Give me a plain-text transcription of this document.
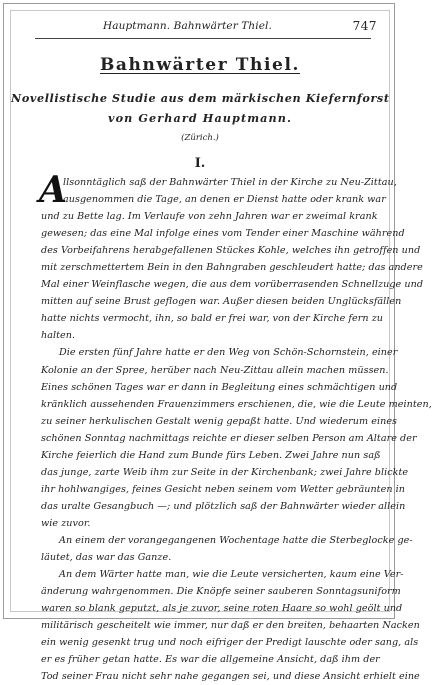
Hauptmann. Bahnwärter Thiel.	747
Bahnwärter Thiel.
Novellistische Studie aus dem märkischen Kiefernforst
von Gerhard Hauptmann.
(Zürich.)
I.
A
llsonntäglich saß der Bahnwärter Thiel in der Kirche zu Neu-Zittau,
ausgenommen die Tage, an denen er Dienst hatte oder krank war
und zu Bette lag. Im Verlaufe von zehn Jahren war er zweimal krank
gewesen; das eine Mal infolge eines vom Tender einer Maschine während
des Vorbeifahrens herabgefallenen Stückes Kohle, welches ihn getroffen und
mit zerschmettertem Bein in den Bahngraben geschleudert hatte; das andere
Mal einer Weinflasche wegen, die aus dem vorüberrasenden Schnellzuge und
mitten auf seine Brust geflogen war. Außer diesen beiden Unglücksfällen
hatte nichts vermocht, ihn, so bald er frei war, von der Kirche fern zu
halten.
Die ersten fünf Jahre hatte er den Weg von Schön-Schornstein, einer
Kolonie an der Spree, herüber nach Neu-Zittau allein machen müssen.
Eines schönen Tages war er dann in Begleitung eines schmächtigen und
kränklich aussehenden Frauenzimmers erschienen, die, wie die Leute meinten,
zu seiner herkulischen Gestalt wenig gepaßt hatte. Und wiederum eines
schönen Sonntag nachmittags reichte er dieser selben Person am Altare der
Kirche feierlich die Hand zum Bunde fürs Leben. Zwei Jahre nun saß
das junge, zarte Weib ihm zur Seite in der Kirchenbank; zwei Jahre blickte
ihr hohlwangiges, feines Gesicht neben seinem vom Wetter gebräunten in
das uralte Gesangbuch —; und plötzlich saß der Bahnwärter wieder allein
wie zuvor.
An einem der vorangegangenen Wochentage hatte die Sterbeglocke ge-
läutet, das war das Ganze.
An dem Wärter hatte man, wie die Leute versicherten, kaum eine Ver-
änderung wahrgenommen. Die Knöpfe seiner sauberen Sonntagsuniform
waren so blank geputzt, als je zuvor, seine roten Haare so wohl geölt und
militärisch gescheitelt wie immer, nur daß er den breiten, behaarten Nacken
ein wenig gesenkt trug und noch eifriger der Predigt lauschte oder sang, als
er es früher getan hatte. Es war die allgemeine Ansicht, daß ihm der
Tod seiner Frau nicht sehr nahe gegangen sei, und diese Ansicht erhielt eine
